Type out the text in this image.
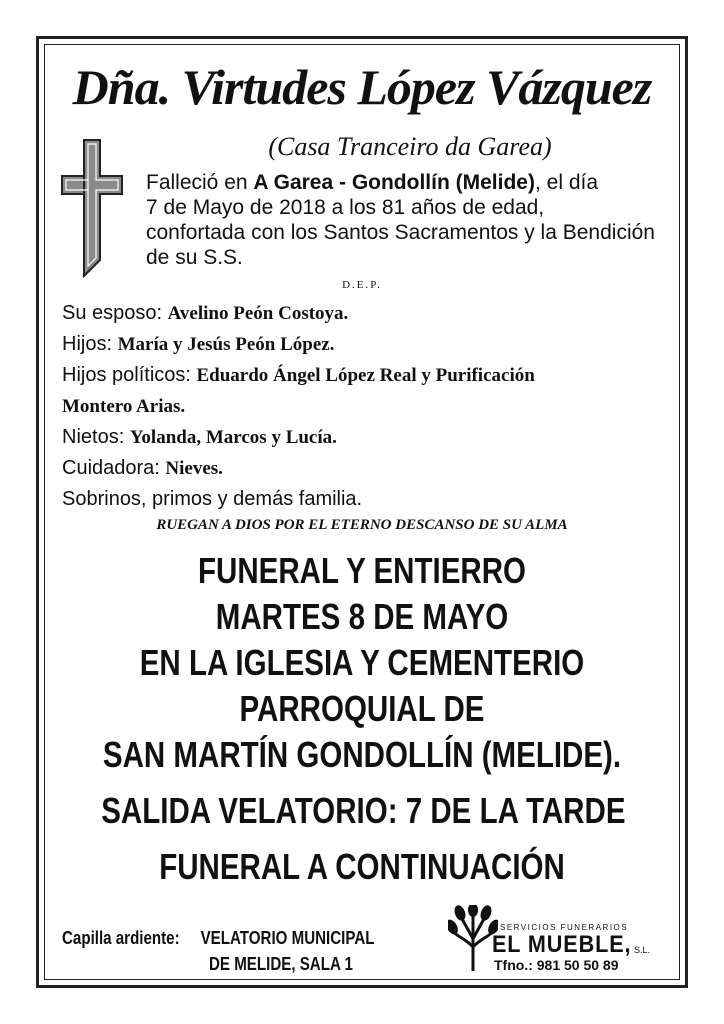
Dña. Virtudes López Vázquez
(Casa Tranceiro da Garea)
Falleció en A Garea - Gondollín (Melide), el día
7 de Mayo de 2018 a los 81 años de edad,
confortada con los Santos Sacramentos y la Bendición
de su S.S.
D.E.P.
Su esposo: Avelino Peón Costoya.
Hijos: María y Jesús Peón López.
Hijos políticos: Eduardo Ángel López Real y Purificación
Montero Arias.
Nietos: Yolanda, Marcos y Lucía.
Cuidadora: Nieves.
Sobrinos, primos y demás familia.
RUEGAN A DIOS POR EL ETERNO DESCANSO DE SU ALMA
FUNERAL Y ENTIERRO
MARTES 8 DE MAYO
EN LA IGLESIA Y CEMENTERIO
PARROQUIAL DE
SAN MARTÍN GONDOLLÍN (MELIDE).
SALIDA VELATORIO: 7 DE LA TARDE
FUNERAL A CONTINUACIÓN
Capilla ardiente: VELATORIO MUNICIPAL
DE MELIDE, SALA 1
SERVICIOS FUNERARIOS
EL MUEBLE, S.L.
Tfno.: 981 50 50 89
